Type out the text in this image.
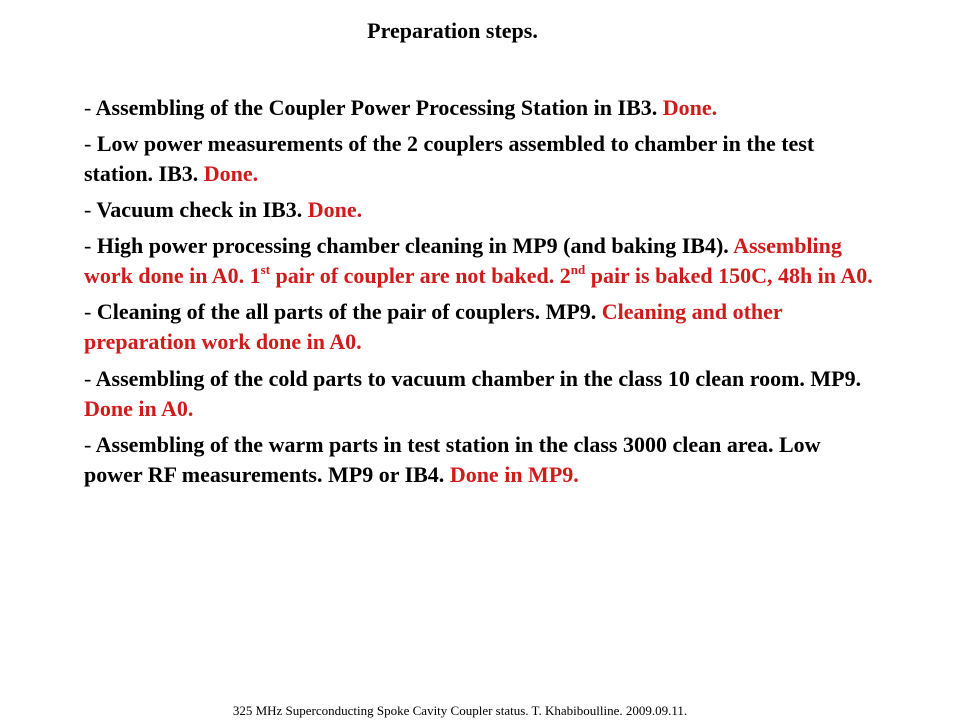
Preparation steps.
- Assembling of the Coupler Power Processing Station in IB3. Done.
- Low power measurements of the 2 couplers assembled to chamber in the test station. IB3. Done.
- Vacuum check in IB3. Done.
- High power processing chamber cleaning in MP9 (and baking IB4). Assembling work done in A0. 1st pair of coupler are not baked. 2nd pair is baked 150C, 48h in A0.
- Cleaning of the all parts of the pair of couplers. MP9. Cleaning and other preparation work done in A0.
- Assembling of the cold parts to vacuum chamber in the class 10 clean room. MP9. Done in A0.
- Assembling of the warm parts in test station in the class 3000 clean area. Low power RF measurements. MP9 or IB4. Done in MP9.
325 MHz Superconducting Spoke Cavity Coupler status. T. Khabiboulline. 2009.09.11.
